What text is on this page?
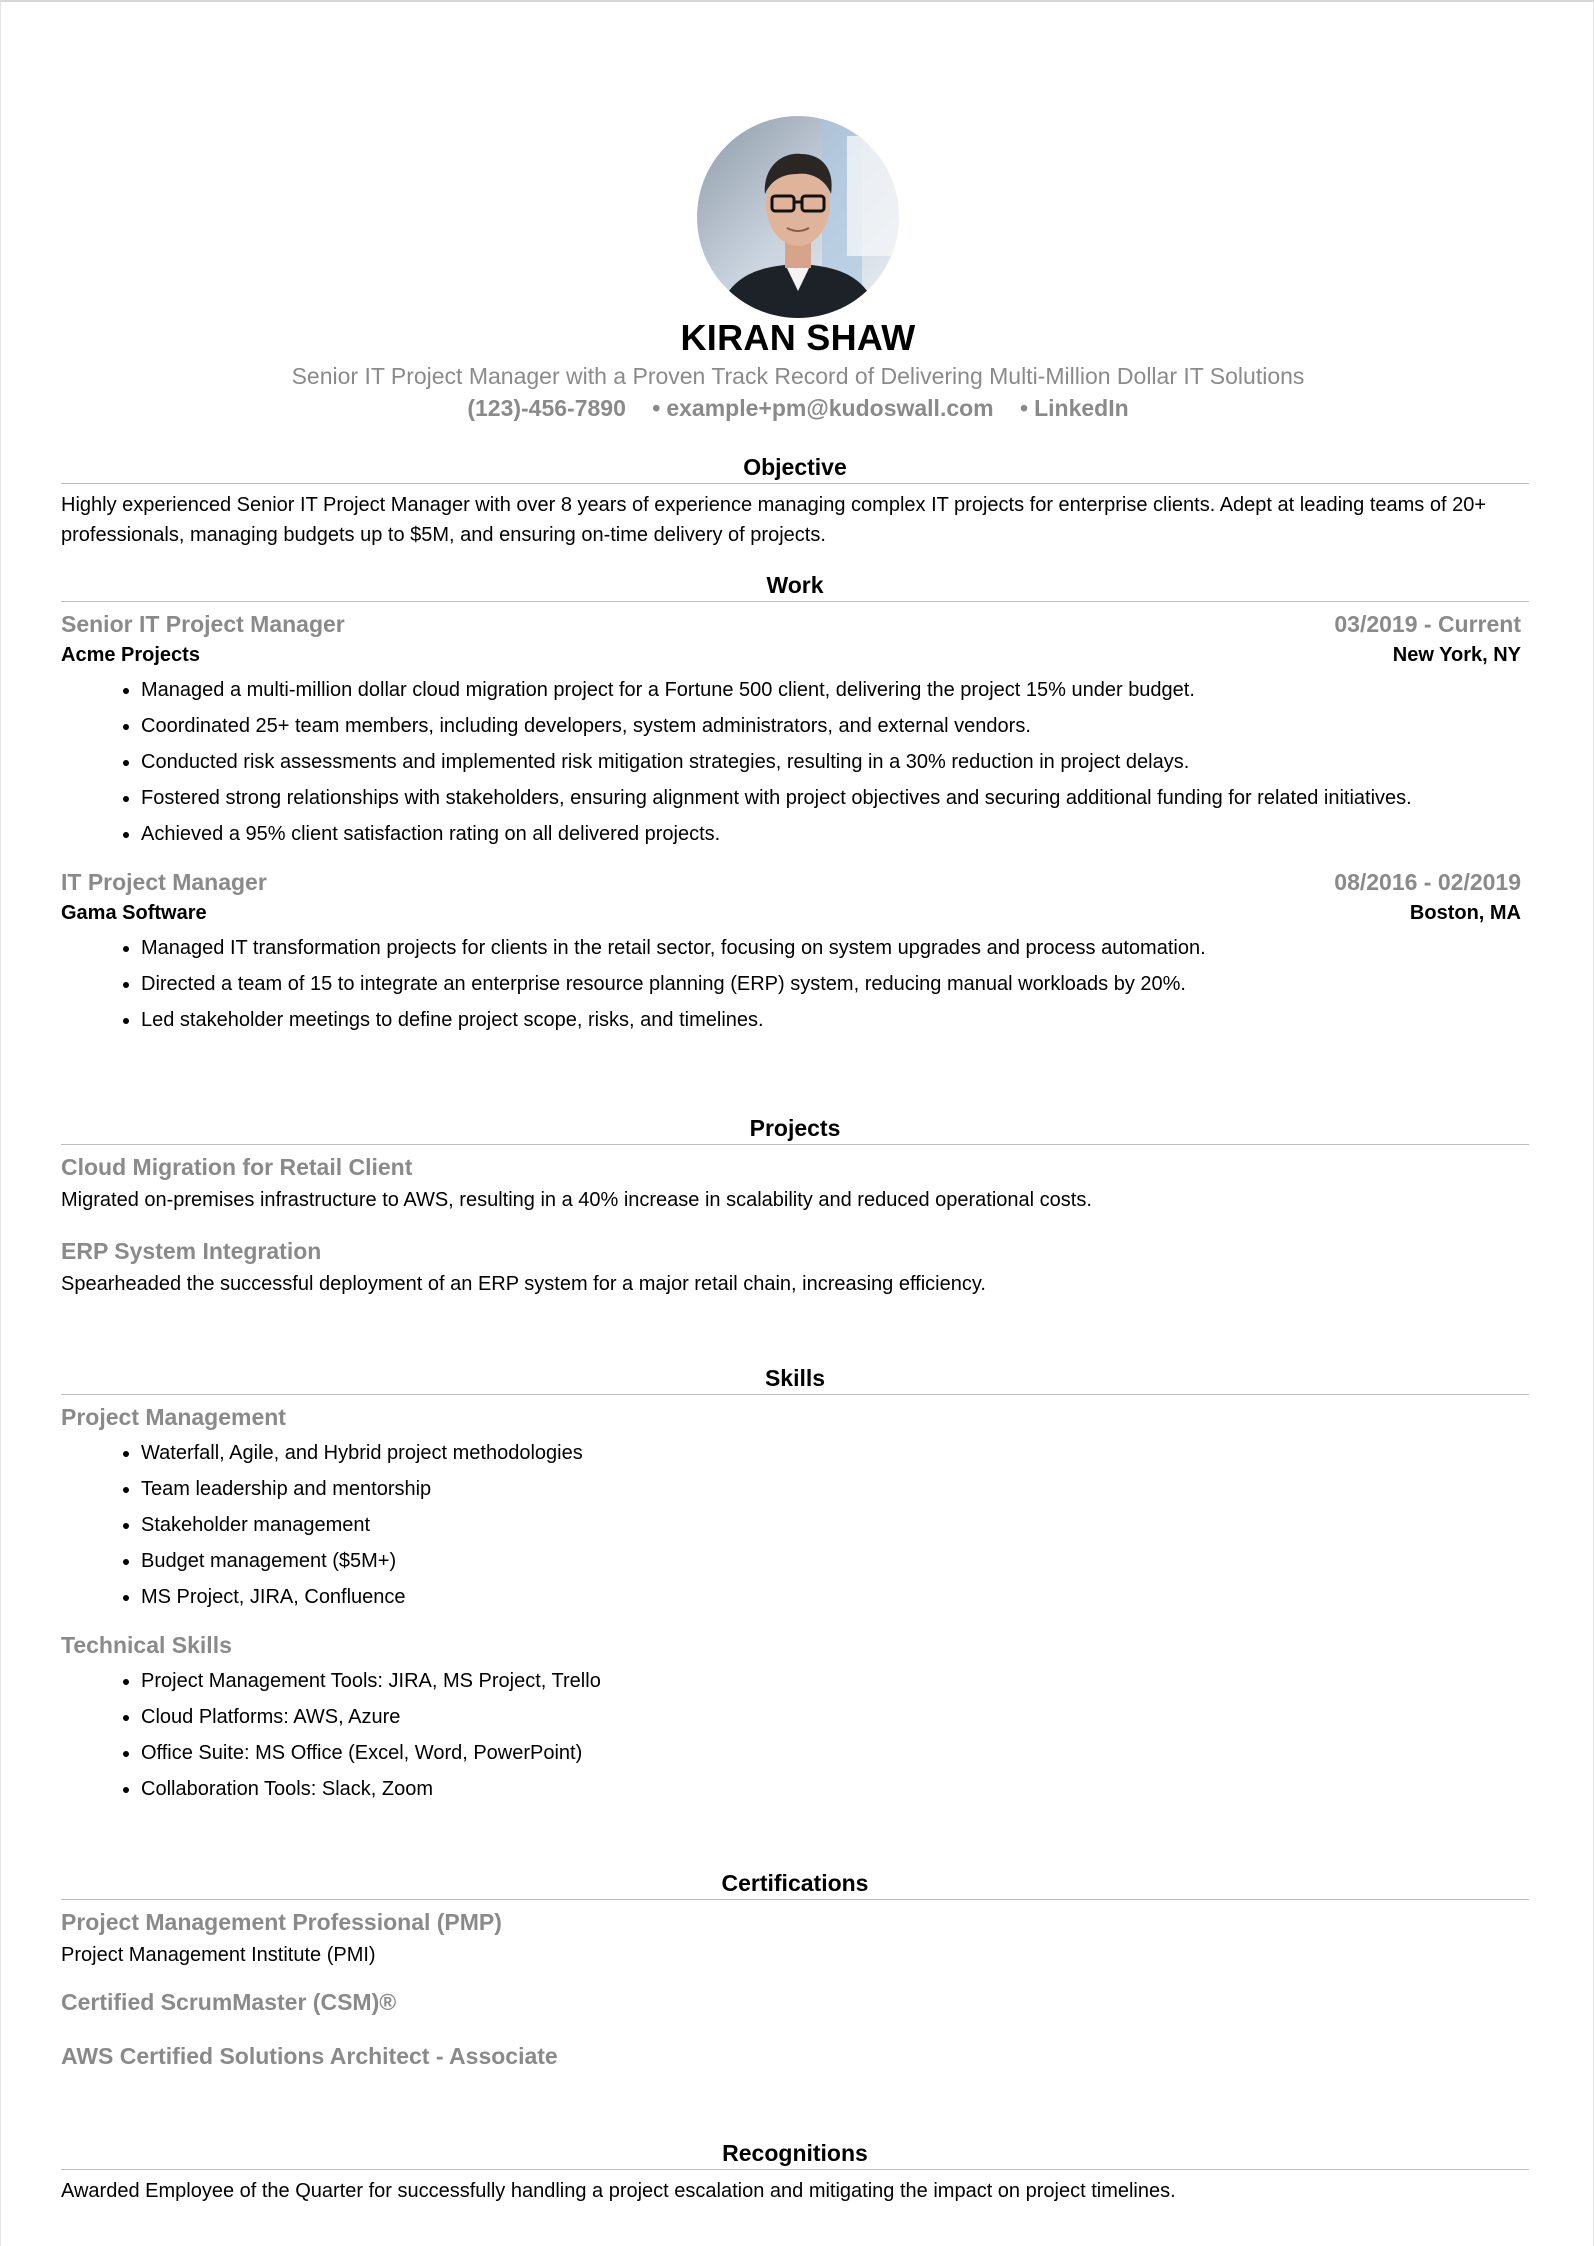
KIRAN SHAW
Senior IT Project Manager with a Proven Track Record of Delivering Multi-Million Dollar IT Solutions
(123)-456-7890 • example+pm@kudoswall.com • LinkedIn
Objective

Highly experienced Senior IT Project Manager with over 8 years of experience managing complex IT projects for enterprise clients. Adept at leading teams of 20+ professionals, managing budgets up to $5M, and ensuring on-time delivery of projects.

Work
Senior IT Project Manager	03/2019 - Current
Acme Projects	New York, NY
• Managed a multi-million dollar cloud migration project for a Fortune 500 client, delivering the project 15% under budget.
• Coordinated 25+ team members, including developers, system administrators, and external vendors.
• Conducted risk assessments and implemented risk mitigation strategies, resulting in a 30% reduction in project delays.
• Fostered strong relationships with stakeholders, ensuring alignment with project objectives and securing additional funding for related initiatives.
• Achieved a 95% client satisfaction rating on all delivered projects.
IT Project Manager	08/2016 - 02/2019
Gama Software	Boston, MA
• Managed IT transformation projects for clients in the retail sector, focusing on system upgrades and process automation.
• Directed a team of 15 to integrate an enterprise resource planning (ERP) system, reducing manual workloads by 20%.
• Led stakeholder meetings to define project scope, risks, and timelines.
Projects
Cloud Migration for Retail Client

Migrated on-premises infrastructure to AWS, resulting in a 40% increase in scalability and reduced operational costs.

ERP System Integration

Spearheaded the successful deployment of an ERP system for a major retail chain, increasing efficiency.

Skills
Project Management
• Waterfall, Agile, and Hybrid project methodologies
• Team leadership and mentorship
• Stakeholder management
• Budget management ($5M+)
• MS Project, JIRA, Confluence
Technical Skills
• Project Management Tools: JIRA, MS Project, Trello
• Cloud Platforms: AWS, Azure
• Office Suite: MS Office (Excel, Word, PowerPoint)
• Collaboration Tools: Slack, Zoom
Certifications
Project Management Professional (PMP)

Project Management Institute (PMI)

Certified ScrumMaster (CSM)®
AWS Certified Solutions Architect - Associate
Recognitions

Awarded Employee of the Quarter for successfully handling a project escalation and mitigating the impact on project timelines.
